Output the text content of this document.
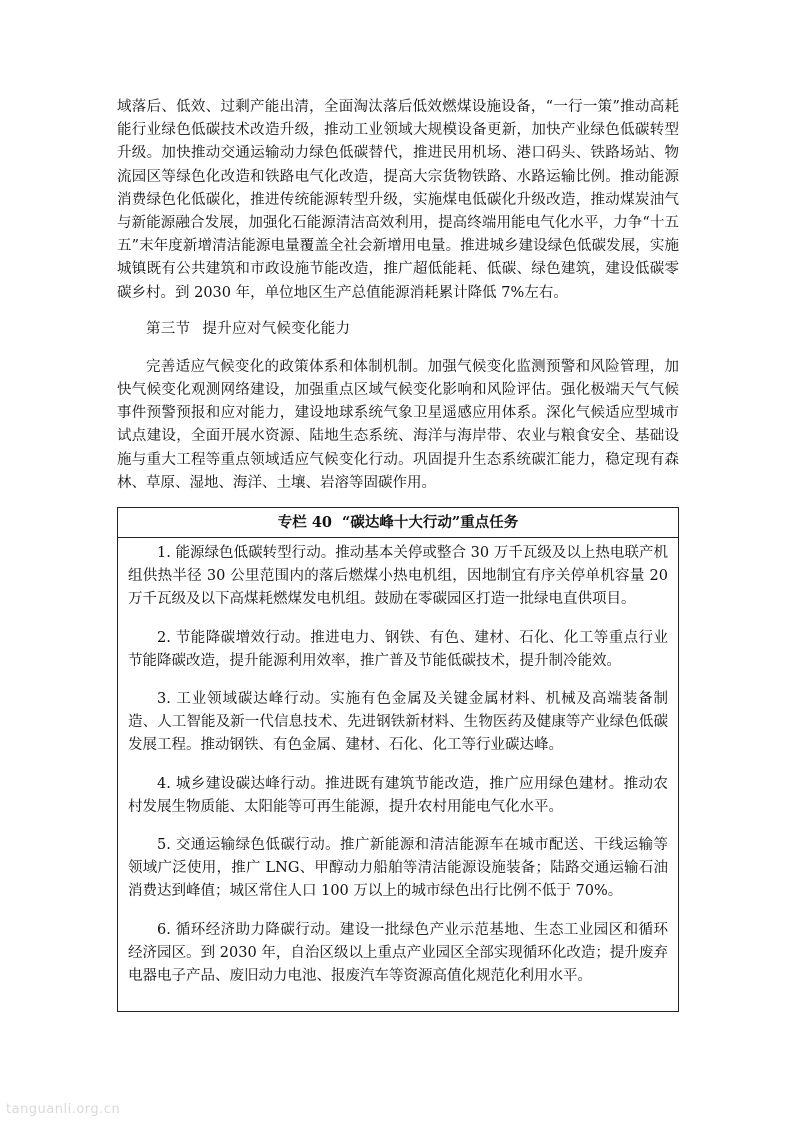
域落后、低效、过剩产能出清，全面淘汰落后低效燃煤设施设备，“一行一策”推动高耗能行业绿色低碳技术改造升级，推动工业领域大规模设备更新，加快产业绿色低碳转型升级。加快推动交通运输动力绿色低碳替代，推进民用机场、港口码头、铁路场站、物流园区等绿色化改造和铁路电气化改造，提高大宗货物铁路、水路运输比例。推动能源消费绿色化低碳化，推进传统能源转型升级，实施煤电低碳化升级改造，推动煤炭油气与新能源融合发展，加强化石能源清洁高效利用，提高终端用能电气化水平，力争“十五五”末年度新增清洁能源电量覆盖全社会新增用电量。推进城乡建设绿色低碳发展，实施城镇既有公共建筑和市政设施节能改造，推广超低能耗、低碳、绿色建筑，建设低碳零碳乡村。到 2030 年，单位地区生产总值能源消耗累计降低 7%左右。

第三节 提升应对气候变化能力

完善适应气候变化的政策体系和体制机制。加强气候变化监测预警和风险管理，加快气候变化观测网络建设，加强重点区域气候变化影响和风险评估。强化极端天气气候事件预警预报和应对能力，建设地球系统气象卫星遥感应用体系。深化气候适应型城市试点建设，全面开展水资源、陆地生态系统、海洋与海岸带、农业与粮食安全、基础设施与重大工程等重点领域适应气候变化行动。巩固提升生态系统碳汇能力，稳定现有森林、草原、湿地、海洋、土壤、岩溶等固碳作用。

专栏 40 “碳达峰十大行动”重点任务

1. 能源绿色低碳转型行动。推动基本关停或整合 30 万千瓦级及以上热电联产机组供热半径 30 公里范围内的落后燃煤小热电机组，因地制宜有序关停单机容量 20 万千瓦级及以下高煤耗燃煤发电机组。鼓励在零碳园区打造一批绿电直供项目。

2. 节能降碳增效行动。推进电力、钢铁、有色、建材、石化、化工等重点行业节能降碳改造，提升能源利用效率，推广普及节能低碳技术，提升制冷能效。

3. 工业领域碳达峰行动。实施有色金属及关键金属材料、机械及高端装备制造、人工智能及新一代信息技术、先进钢铁新材料、生物医药及健康等产业绿色低碳发展工程。推动钢铁、有色金属、建材、石化、化工等行业碳达峰。

4. 城乡建设碳达峰行动。推进既有建筑节能改造，推广应用绿色建材。推动农村发展生物质能、太阳能等可再生能源，提升农村用能电气化水平。

5. 交通运输绿色低碳行动。推广新能源和清洁能源车在城市配送、干线运输等领域广泛使用，推广 LNG、甲醇动力船舶等清洁能源设施装备；陆路交通运输石油消费达到峰值；城区常住人口 100 万以上的城市绿色出行比例不低于 70%。

6. 循环经济助力降碳行动。建设一批绿色产业示范基地、生态工业园区和循环经济园区。到 2030 年，自治区级以上重点产业园区全部实现循环化改造；提升废弃电器电子产品、废旧动力电池、报废汽车等资源高值化规范化利用水平。

tanguanli.org.cn
